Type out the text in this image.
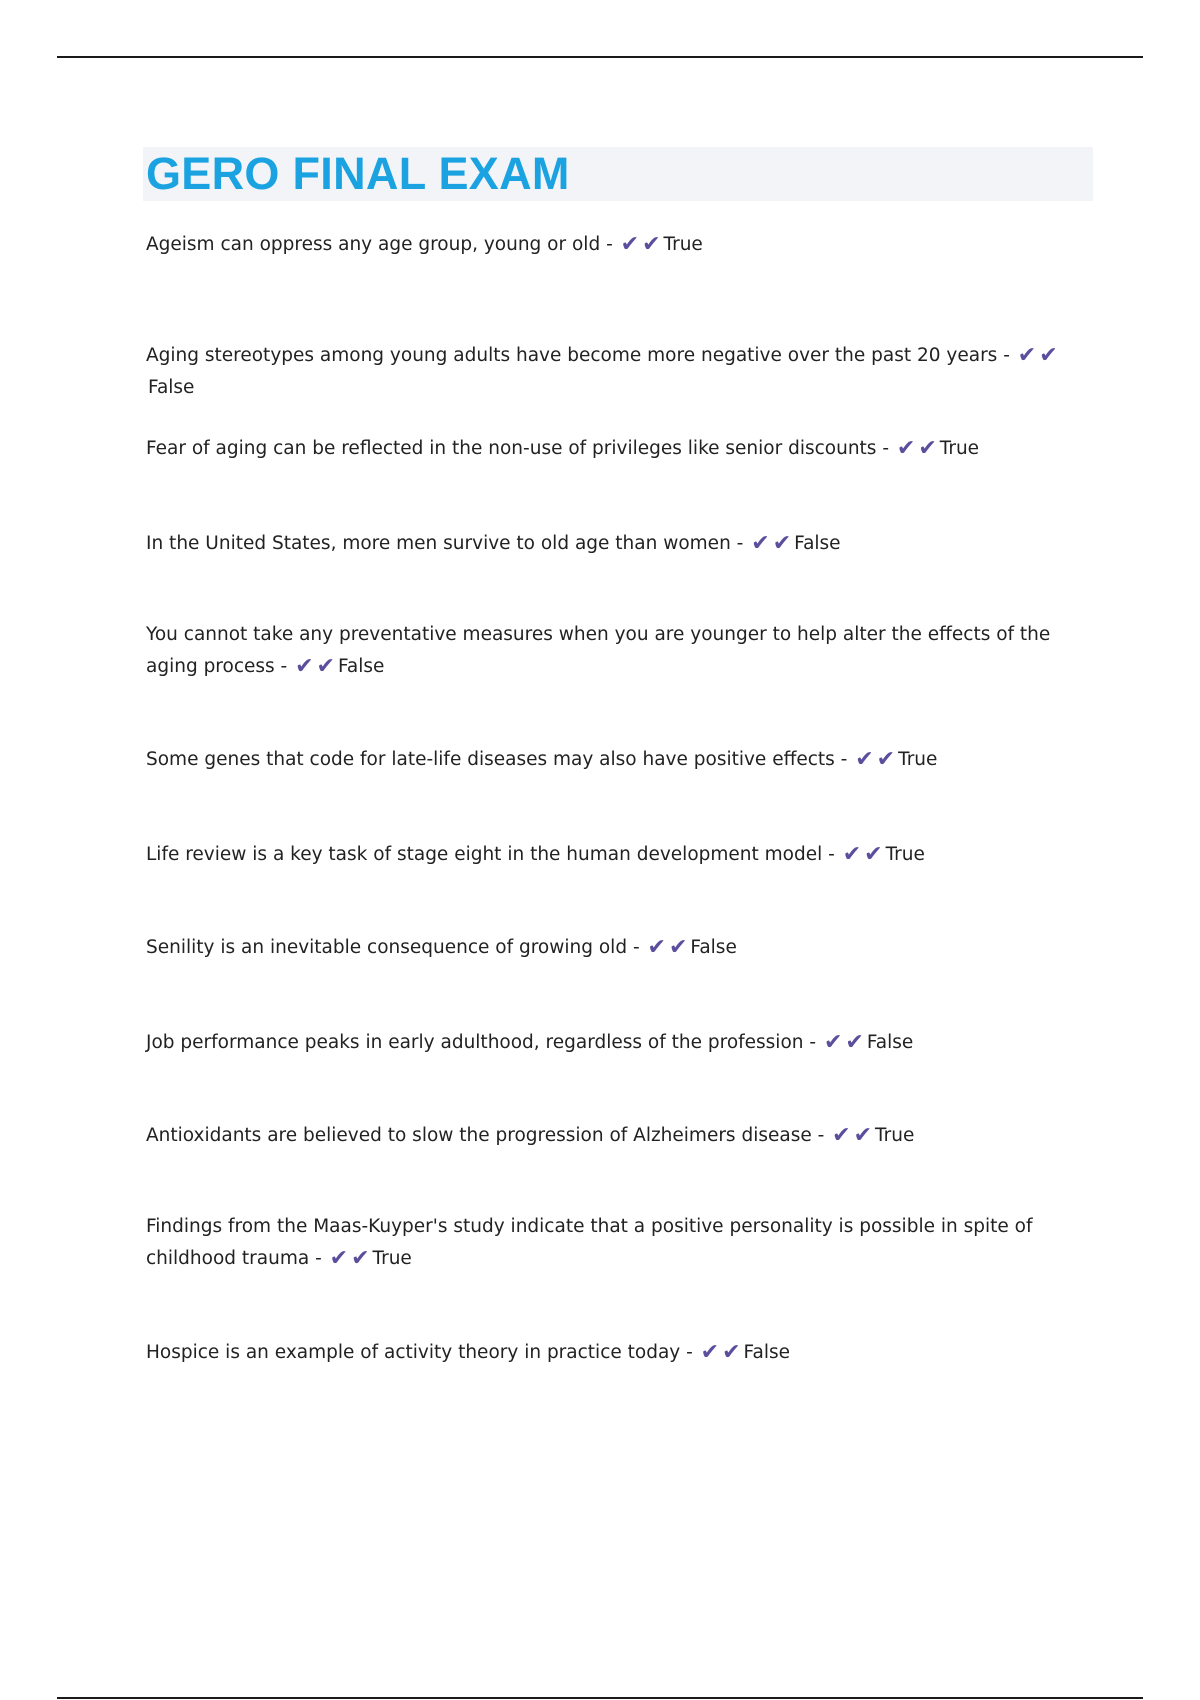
GERO FINAL EXAM

Ageism can oppress any age group, young or old - ✔ ✔ True

Aging stereotypes among young adults have become more negative over the past 20 years - ✔ ✔False

Fear of aging can be reflected in the non-use of privileges like senior discounts - ✔ ✔ True

In the United States, more men survive to old age than women - ✔ ✔ False

You cannot take any preventative measures when you are younger to help alter the effects of the aging process - ✔ ✔ False

Some genes that code for late-life diseases may also have positive effects - ✔ ✔ True

Life review is a key task of stage eight in the human development model - ✔ ✔ True

Senility is an inevitable consequence of growing old - ✔ ✔ False

Job performance peaks in early adulthood, regardless of the profession - ✔ ✔ False

Antioxidants are believed to slow the progression of Alzheimers disease - ✔ ✔ True

Findings from the Maas-Kuyper's study indicate that a positive personality is possible in spite of childhood trauma - ✔ ✔ True

Hospice is an example of activity theory in practice today - ✔ ✔ False
